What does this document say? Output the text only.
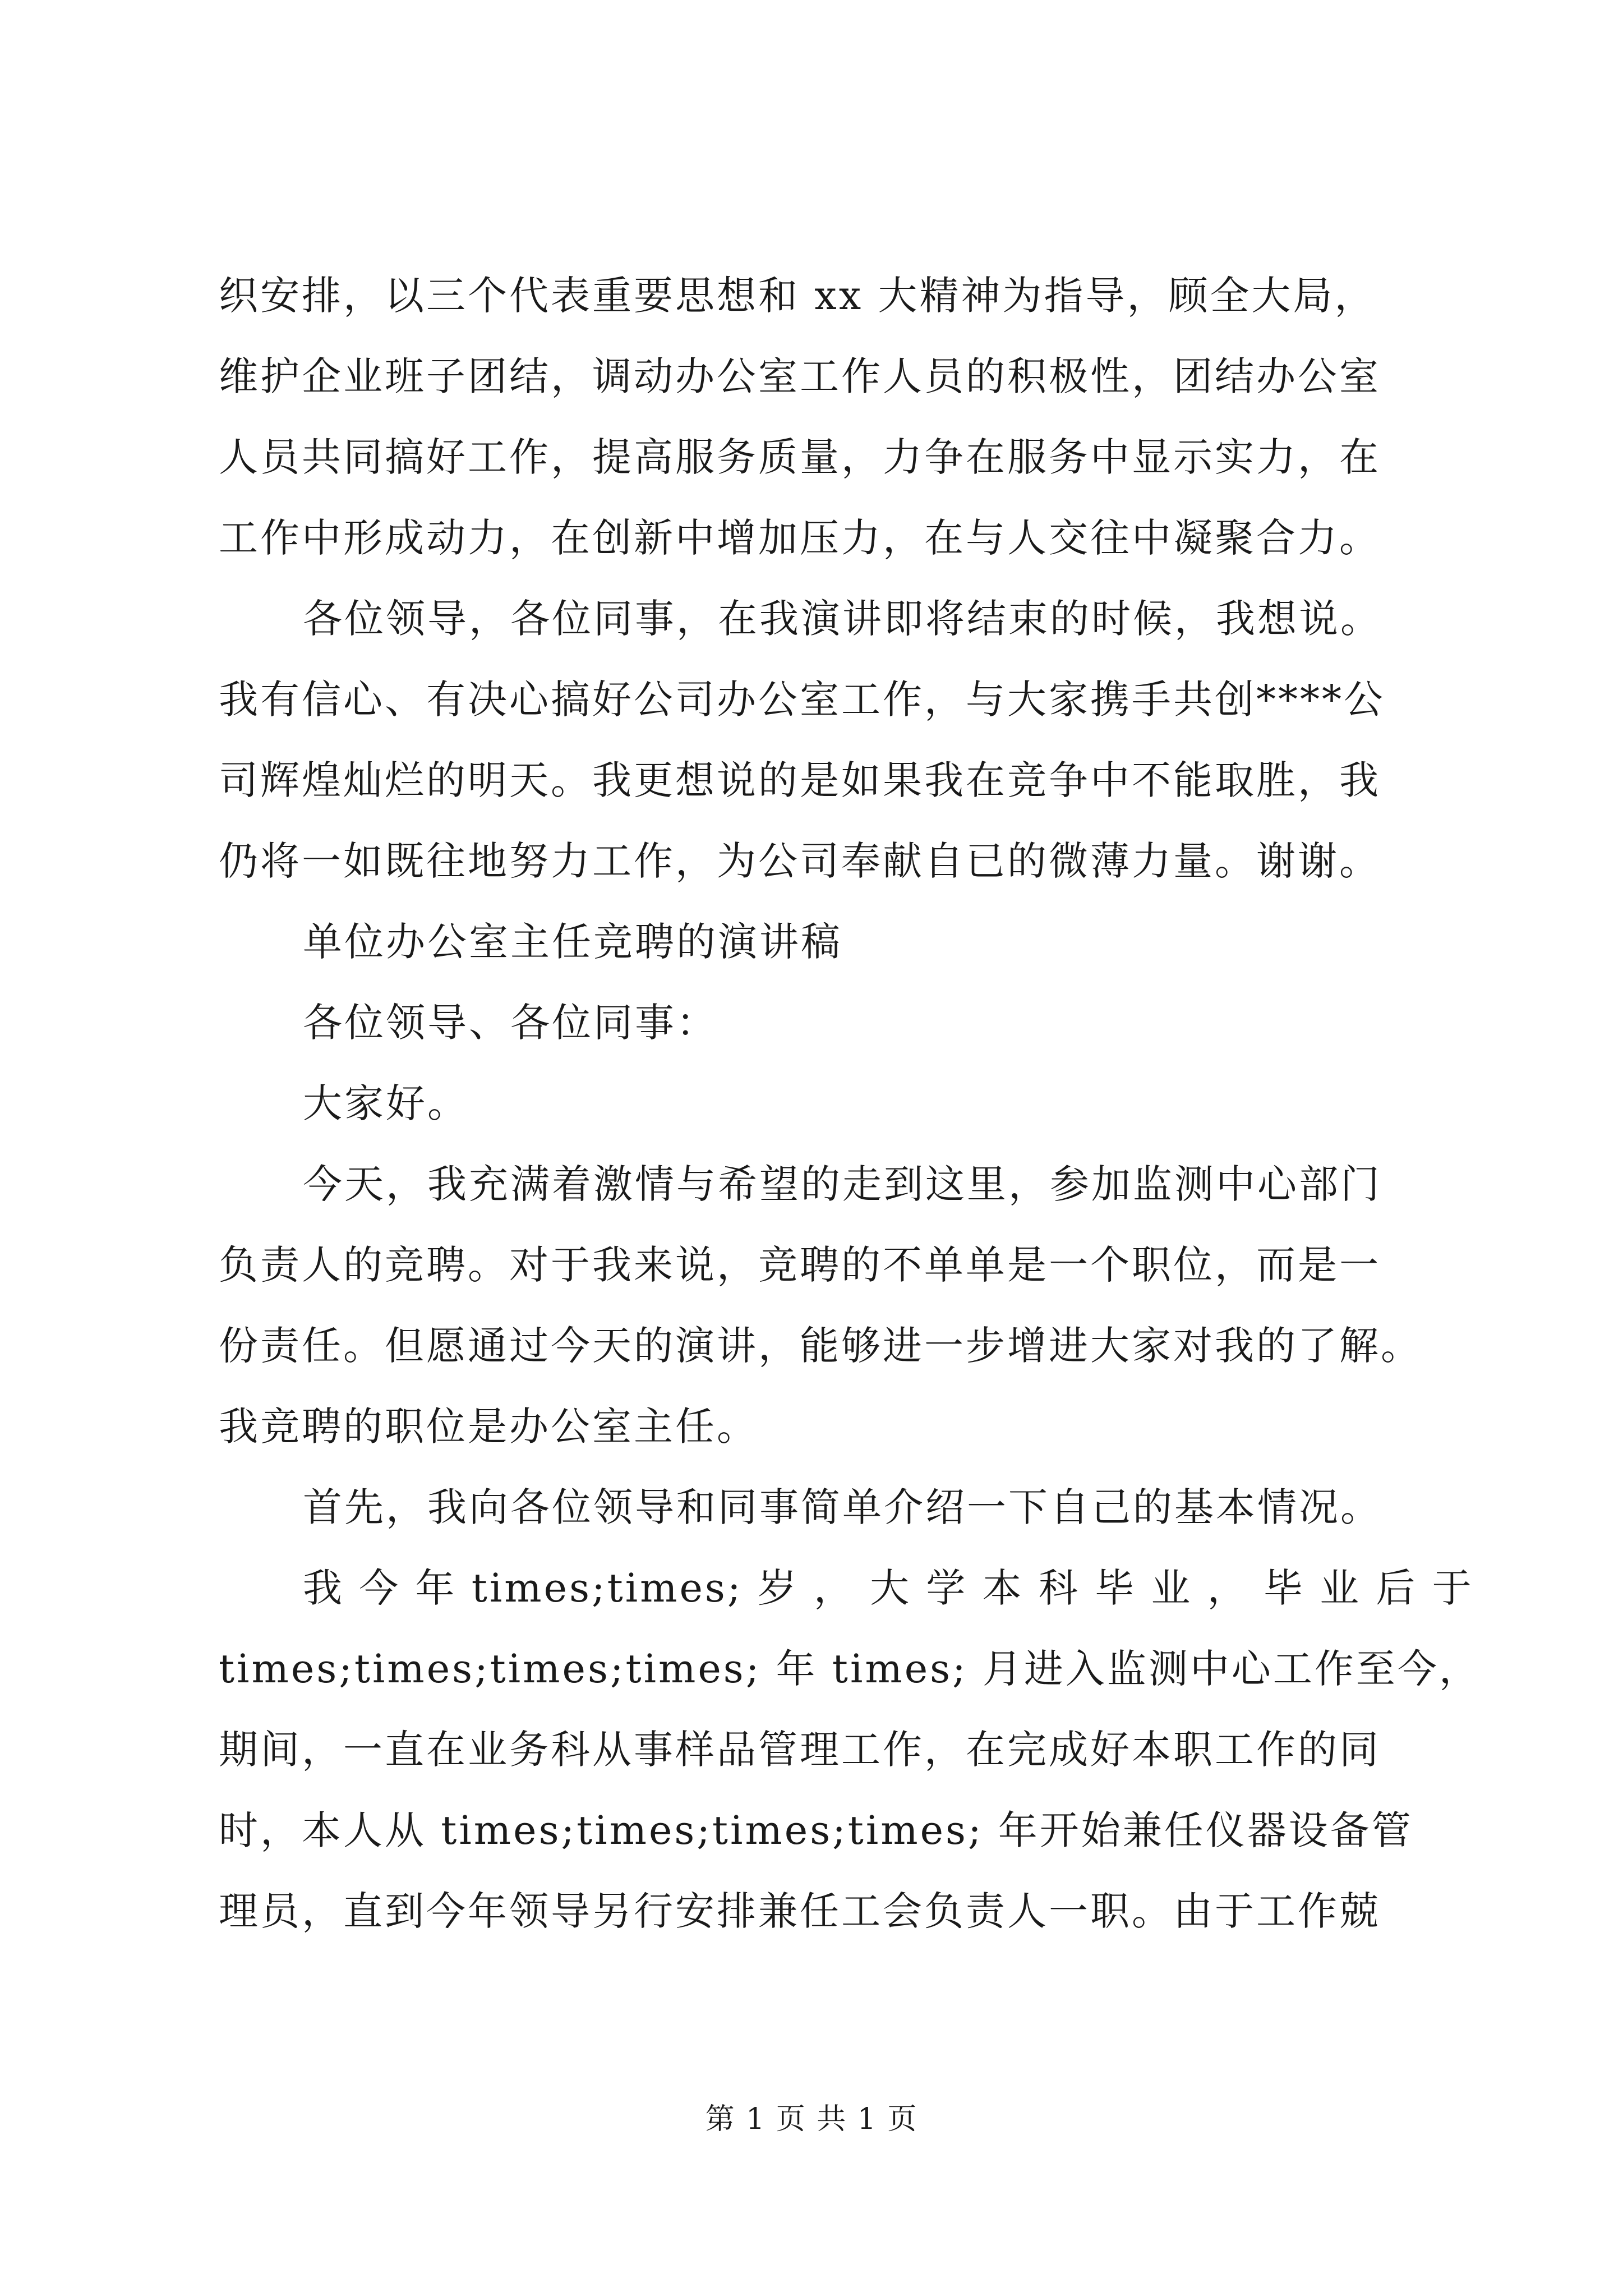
织安排，以三个代表重要思想和 xx 大精神为指导，顾全大局，
维护企业班子团结，调动办公室工作人员的积极性，团结办公室
人员共同搞好工作，提高服务质量，力争在服务中显示实力，在
工作中形成动力，在创新中增加压力，在与人交往中凝聚合力。
各位领导，各位同事，在我演讲即将结束的时候，我想说。
我有信心、有决心搞好公司办公室工作，与大家携手共创****公
司辉煌灿烂的明天。我更想说的是如果我在竞争中不能取胜，我
仍将一如既往地努力工作，为公司奉献自已的微薄力量。谢谢。
单位办公室主任竞聘的演讲稿
各位领导、各位同事：
大家好。
今天，我充满着激情与希望的走到这里，参加监测中心部门
负责人的竞聘。对于我来说，竞聘的不单单是一个职位，而是一
份责任。但愿通过今天的演讲，能够进一步增进大家对我的了解。
我竞聘的职位是办公室主任。
首先，我向各位领导和同事简单介绍一下自己的基本情况。
我 今 年 times;times; 岁 ， 大 学 本 科 毕 业 ， 毕 业 后 于
times;times;times;times; 年 times; 月进入监测中心工作至今，
期间，一直在业务科从事样品管理工作，在完成好本职工作的同
时，本人从 times;times;times;times; 年开始兼任仪器设备管
理员，直到今年领导另行安排兼任工会负责人一职。由于工作兢
第 1 页 共 1 页
